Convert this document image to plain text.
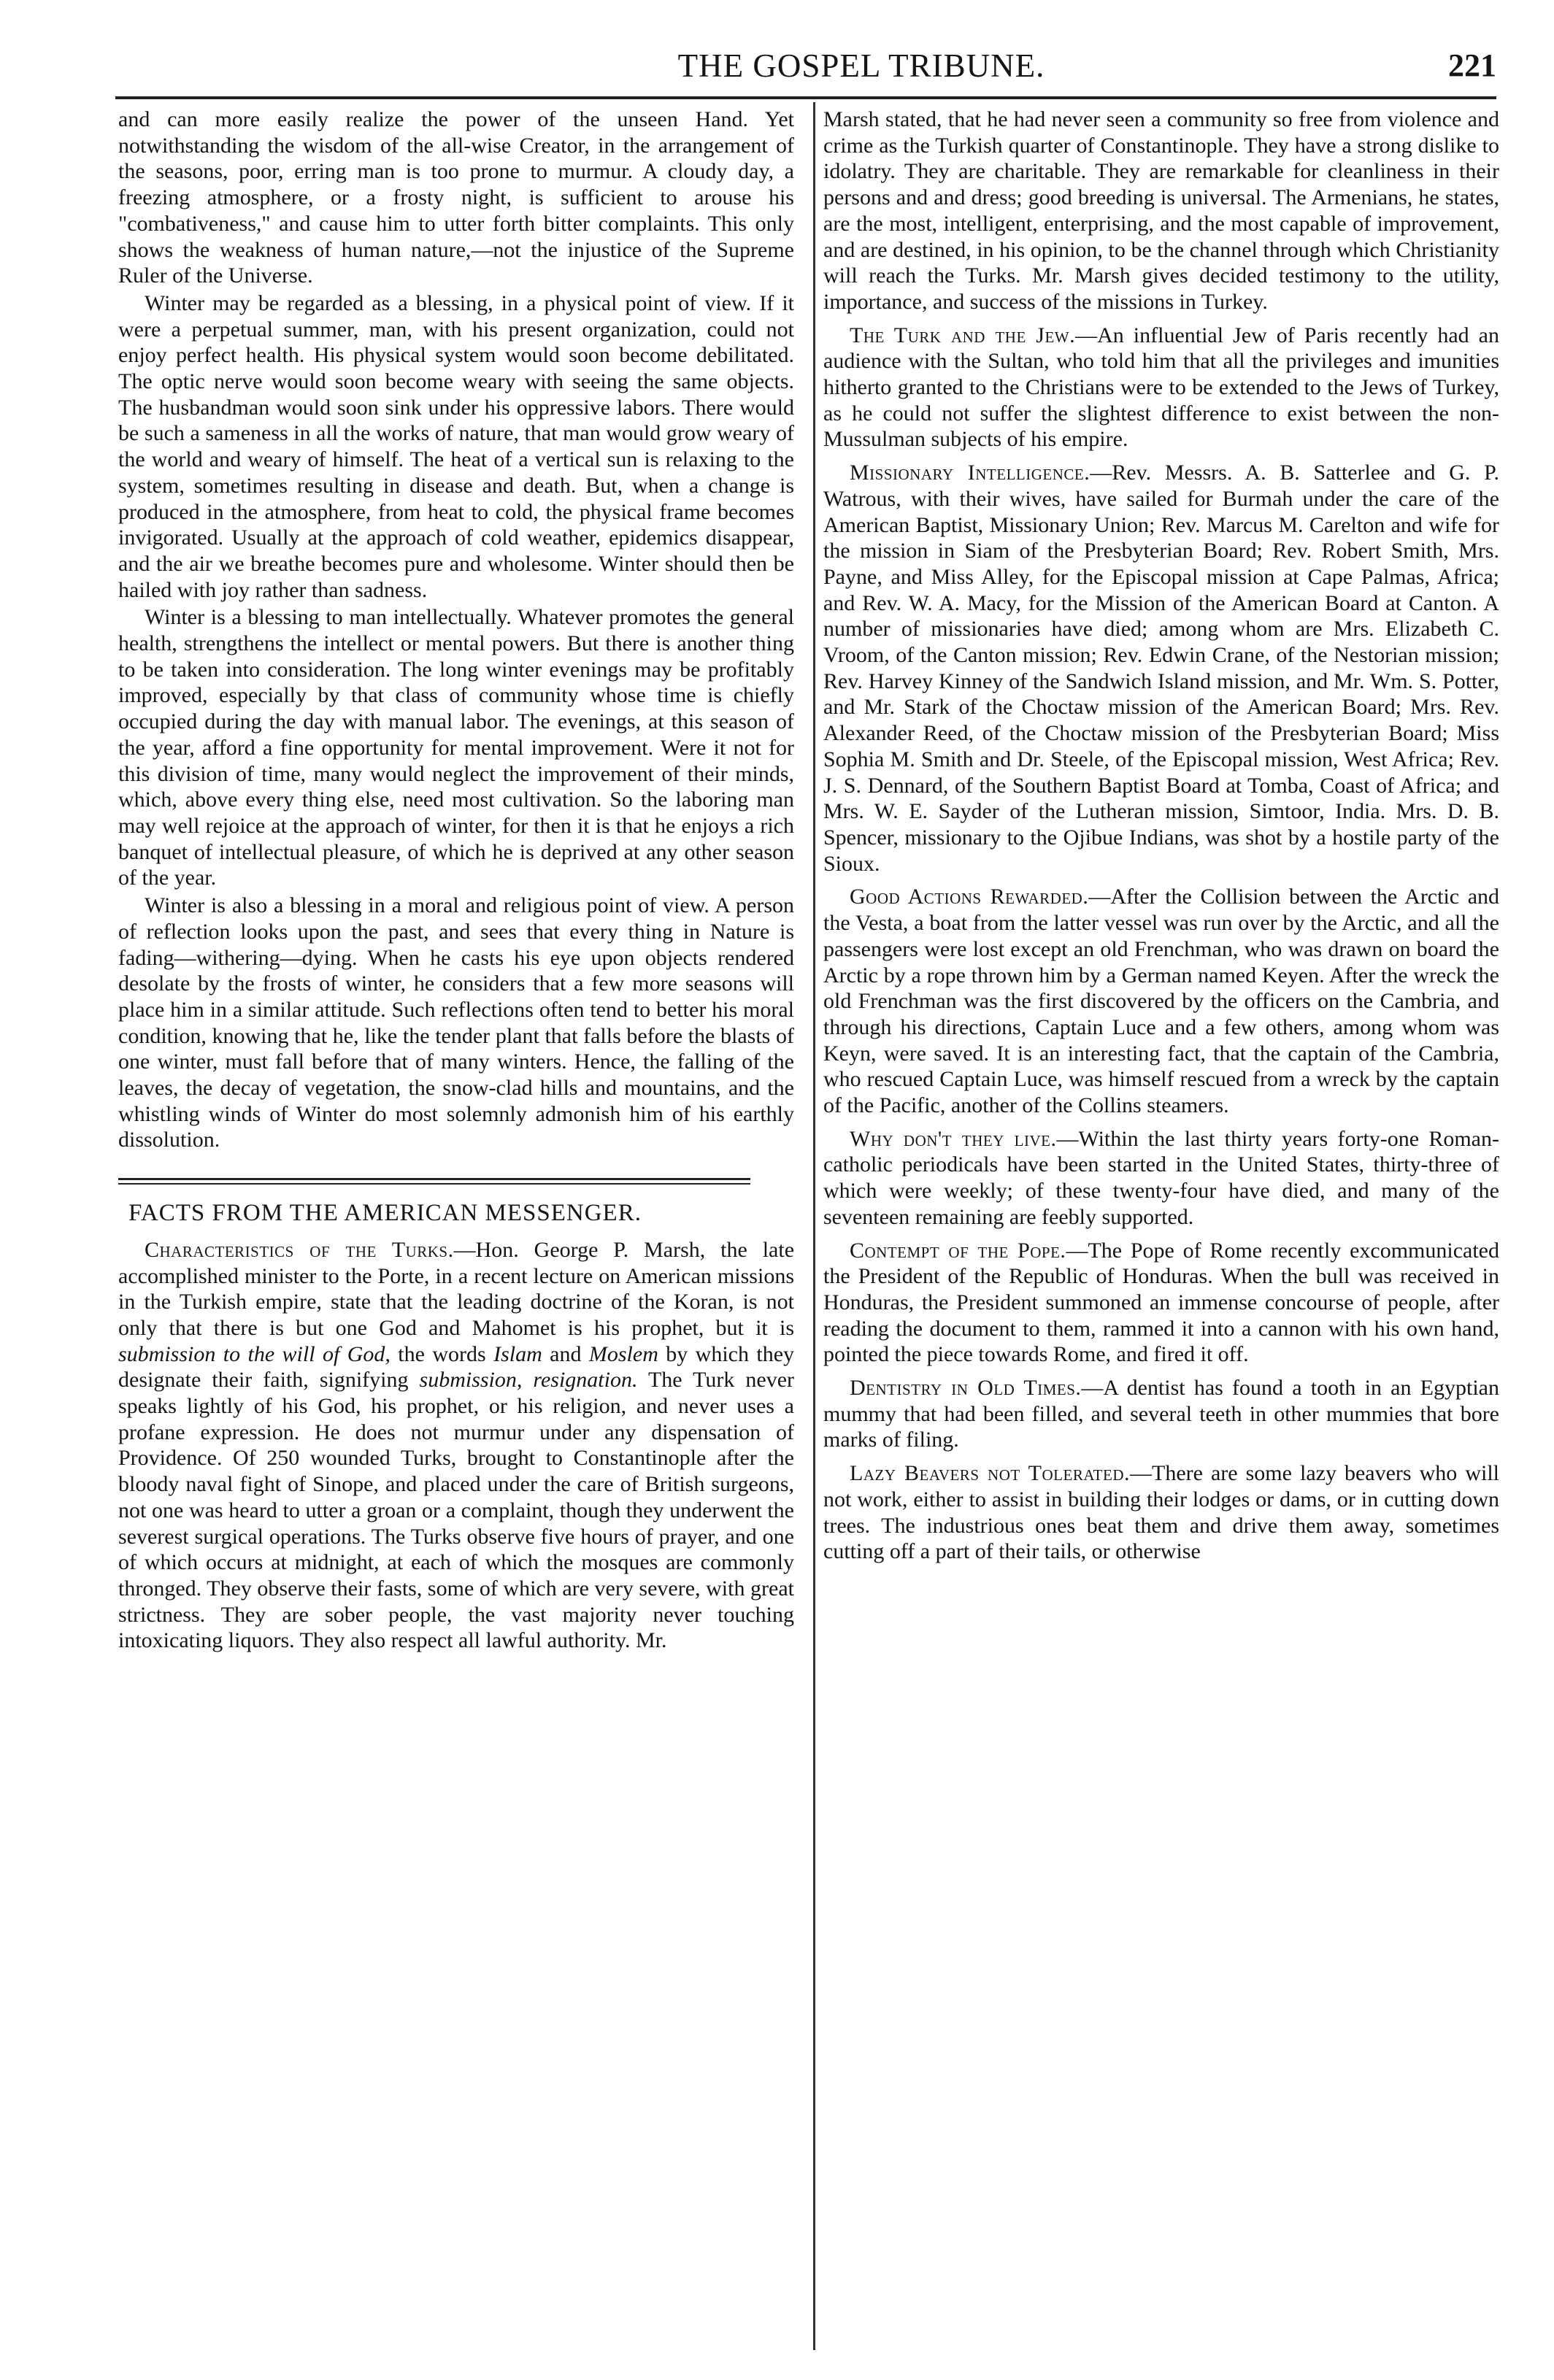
THE GOSPEL TRIBUNE.	221

and can more easily realize the power of the unseen Hand. Yet notwithstanding the wisdom of the all-wise Creator, in the arrangement of the seasons, poor, erring man is too prone to murmur. A cloudy day, a freezing atmosphere, or a frosty night, is sufficient to arouse his "combativeness," and cause him to utter forth bitter complaints. This only shows the weakness of human nature,—not the injustice of the Supreme Ruler of the Universe.

Winter may be regarded as a blessing, in a physical point of view. If it were a perpetual summer, man, with his present organization, could not enjoy perfect health. His physical system would soon become debilitated. The optic nerve would soon become weary with seeing the same objects. The husbandman would soon sink under his oppressive labors. There would be such a sameness in all the works of nature, that man would grow weary of the world and weary of himself. The heat of a vertical sun is relaxing to the system, sometimes resulting in disease and death. But, when a change is produced in the atmosphere, from heat to cold, the physical frame becomes invigorated. Usually at the approach of cold weather, epidemics disappear, and the air we breathe becomes pure and wholesome. Winter should then be hailed with joy rather than sadness.

Winter is a blessing to man intellectually. Whatever promotes the general health, strengthens the intellect or mental powers. But there is another thing to be taken into consideration. The long winter evenings may be profitably improved, especially by that class of community whose time is chiefly occupied during the day with manual labor. The evenings, at this season of the year, afford a fine opportunity for mental improvement. Were it not for this division of time, many would neglect the improvement of their minds, which, above every thing else, need most cultivation. So the laboring man may well rejoice at the approach of winter, for then it is that he enjoys a rich banquet of intellectual pleasure, of which he is deprived at any other season of the year.

Winter is also a blessing in a moral and religious point of view. A person of reflection looks upon the past, and sees that every thing in Nature is fading—withering—dying. When he casts his eye upon objects rendered desolate by the frosts of winter, he considers that a few more seasons will place him in a similar attitude. Such reflections often tend to better his moral condition, knowing that he, like the tender plant that falls before the blasts of one winter, must fall before that of many winters. Hence, the falling of the leaves, the decay of vegetation, the snow-clad hills and mountains, and the whistling winds of Winter do most solemnly admonish him of his earthly dissolution.

FACTS FROM THE AMERICAN MESSENGER.

Characteristics of the Turks.—Hon. George P. Marsh, the late accomplished minister to the Porte, in a recent lecture on American missions in the Turkish empire, state that the leading doctrine of the Koran, is not only that there is but one God and Mahomet is his prophet, but it is submission to the will of God, the words Islam and Moslem by which they designate their faith, signifying submission, resignation. The Turk never speaks lightly of his God, his prophet, or his religion, and never uses a profane expression. He does not murmur under any dispensation of Providence. Of 250 wounded Turks, brought to Constantinople after the bloody naval fight of Sinope, and placed under the care of British surgeons, not one was heard to utter a groan or a complaint, though they underwent the severest surgical operations. The Turks observe five hours of prayer, and one of which occurs at midnight, at each of which the mosques are commonly thronged. They observe their fasts, some of which are very severe, with great strictness. They are sober people, the vast majority never touching intoxicating liquors. They also respect all lawful authority. Mr.

Marsh stated, that he had never seen a community so free from violence and crime as the Turkish quarter of Constantinople. They have a strong dislike to idolatry. They are charitable. They are remarkable for cleanliness in their persons and and dress; good breeding is universal. The Armenians, he states, are the most, intelligent, enterprising, and the most capable of improvement, and are destined, in his opinion, to be the channel through which Christianity will reach the Turks. Mr. Marsh gives decided testimony to the utility, importance, and success of the missions in Turkey.

The Turk and the Jew.—An influential Jew of Paris recently had an audience with the Sultan, who told him that all the privileges and imunities hitherto granted to the Christians were to be extended to the Jews of Turkey, as he could not suffer the slightest difference to exist between the non-Mussulman subjects of his empire.

Missionary Intelligence.—Rev. Messrs. A. B. Satterlee and G. P. Watrous, with their wives, have sailed for Burmah under the care of the American Baptist, Missionary Union; Rev. Marcus M. Carelton and wife for the mission in Siam of the Presbyterian Board; Rev. Robert Smith, Mrs. Payne, and Miss Alley, for the Episcopal mission at Cape Palmas, Africa; and Rev. W. A. Macy, for the Mission of the American Board at Canton. A number of missionaries have died; among whom are Mrs. Elizabeth C. Vroom, of the Canton mission; Rev. Edwin Crane, of the Nestorian mission; Rev. Harvey Kinney of the Sandwich Island mission, and Mr. Wm. S. Potter, and Mr. Stark of the Choctaw mission of the American Board; Mrs. Rev. Alexander Reed, of the Choctaw mission of the Presbyterian Board; Miss Sophia M. Smith and Dr. Steele, of the Episcopal mission, West Africa; Rev. J. S. Dennard, of the Southern Baptist Board at Tomba, Coast of Africa; and Mrs. W. E. Sayder of the Lutheran mission, Simtoor, India. Mrs. D. B. Spencer, missionary to the Ojibue Indians, was shot by a hostile party of the Sioux.

Good Actions Rewarded.—After the Collision between the Arctic and the Vesta, a boat from the latter vessel was run over by the Arctic, and all the passengers were lost except an old Frenchman, who was drawn on board the Arctic by a rope thrown him by a German named Keyen. After the wreck the old Frenchman was the first discovered by the officers on the Cambria, and through his directions, Captain Luce and a few others, among whom was Keyn, were saved. It is an interesting fact, that the captain of the Cambria, who rescued Captain Luce, was himself rescued from a wreck by the captain of the Pacific, another of the Collins steamers.

Why don't they live.—Within the last thirty years forty-one Roman-catholic periodicals have been started in the United States, thirty-three of which were weekly; of these twenty-four have died, and many of the seventeen remaining are feebly supported.

Contempt of the Pope.—The Pope of Rome recently excommunicated the President of the Republic of Honduras. When the bull was received in Honduras, the President summoned an immense concourse of people, after reading the document to them, rammed it into a cannon with his own hand, pointed the piece towards Rome, and fired it off.

Dentistry in Old Times.—A dentist has found a tooth in an Egyptian mummy that had been filled, and several teeth in other mummies that bore marks of filing.

Lazy Beavers not Tolerated.—There are some lazy beavers who will not work, either to assist in building their lodges or dams, or in cutting down trees. The industrious ones beat them and drive them away, sometimes cutting off a part of their tails, or otherwise
